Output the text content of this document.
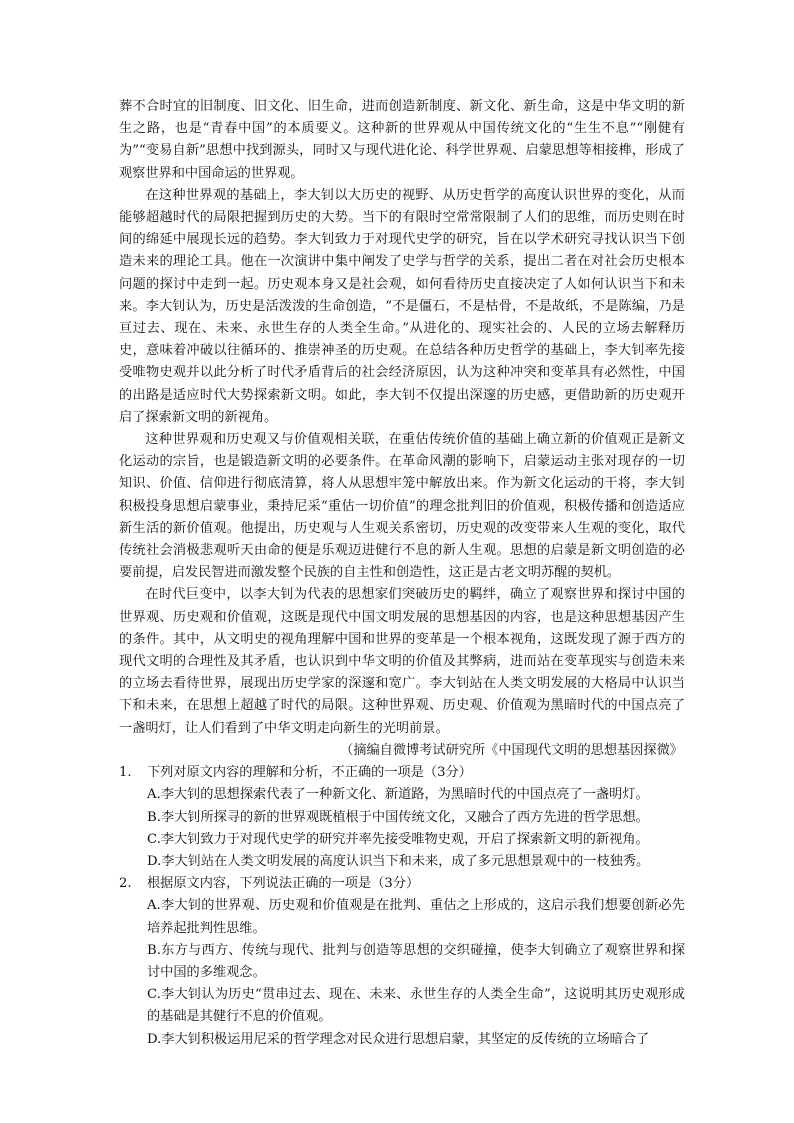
葬不合时宜的旧制度、旧文化、旧生命，进而创造新制度、新文化、新生命，这是中华文明的新生之路，也是“青春中国”的本质要义。这种新的世界观从中国传统文化的“生生不息”“刚健有为”“变易自新”思想中找到源头，同时又与现代进化论、科学世界观、启蒙思想等相接榫，形成了观察世界和中国命运的世界观。

在这种世界观的基础上，李大钊以大历史的视野、从历史哲学的高度认识世界的变化，从而能够超越时代的局限把握到历史的大势。当下的有限时空常常限制了人们的思维，而历史则在时间的绵延中展现长远的趋势。李大钊致力于对现代史学的研究，旨在以学术研究寻找认识当下创造未来的理论工具。他在一次演讲中集中阐发了史学与哲学的关系，提出二者在对社会历史根本问题的探讨中走到一起。历史观本身又是社会观，如何看待历史直接决定了人如何认识当下和未来。李大钊认为，历史是活泼泼的生命创造，“不是僵石，不是枯骨，不是故纸，不是陈编，乃是亘过去、现在、未来、永世生存的人类全生命。”从进化的、现实社会的、人民的立场去解释历史，意味着冲破以往循环的、推崇神圣的历史观。在总结各种历史哲学的基础上，李大钊率先接受唯物史观并以此分析了时代矛盾背后的社会经济原因，认为这种冲突和变革具有必然性，中国的出路是适应时代大势探索新文明。如此，李大钊不仅提出深邃的历史感，更借助新的历史观开启了探索新文明的新视角。

这种世界观和历史观又与价值观相关联，在重估传统价值的基础上确立新的价值观正是新文化运动的宗旨，也是锻造新文明的必要条件。在革命风潮的影响下，启蒙运动主张对现存的一切知识、价值、信仰进行彻底清算，将人从思想牢笼中解放出来。作为新文化运动的干将，李大钊积极投身思想启蒙事业，秉持尼采“重估一切价值”的理念批判旧的价值观，积极传播和创造适应新生活的新价值观。他提出，历史观与人生观关系密切，历史观的改变带来人生观的变化，取代传统社会消极悲观听天由命的便是乐观迈进健行不息的新人生观。思想的启蒙是新文明创造的必要前提，启发民智进而激发整个民族的自主性和创造性，这正是古老文明苏醒的契机。

在时代巨变中，以李大钊为代表的思想家们突破历史的羁绊，确立了观察世界和探讨中国的世界观、历史观和价值观，这既是现代中国文明发展的思想基因的内容，也是这种思想基因产生的条件。其中，从文明史的视角理解中国和世界的变革是一个根本视角，这既发现了源于西方的现代文明的合理性及其矛盾，也认识到中华文明的价值及其弊病，进而站在变革现实与创造未来的立场去看待世界，展现出历史学家的深邃和宽广。李大钊站在人类文明发展的大格局中认识当下和未来，在思想上超越了时代的局限。这种世界观、历史观、价值观为黑暗时代的中国点亮了一盏明灯，让人们看到了中华文明走向新生的光明前景。

（摘编自微博考试研究所《中国现代文明的思想基因探微》

1. 下列对原文内容的理解和分析，不正确的一项是（3分）

A.李大钊的思想探索代表了一种新文化、新道路，为黑暗时代的中国点亮了一盏明灯。

B.李大钊所探寻的新的世界观既植根于中国传统文化，又融合了西方先进的哲学思想。

C.李大钊致力于对现代史学的研究并率先接受唯物史观，开启了探索新文明的新视角。

D.李大钊站在人类文明发展的高度认识当下和未来，成了多元思想景观中的一枝独秀。

2. 根据原文内容，下列说法正确的一项是（3分）

A.李大钊的世界观、历史观和价值观是在批判、重估之上形成的，这启示我们想要创新必先培养起批判性思维。

B.东方与西方、传统与现代、批判与创造等思想的交织碰撞，使李大钊确立了观察世界和探讨中国的多维观念。

C.李大钊认为历史“贯串过去、现在、未来、永世生存的人类全生命”，这说明其历史观形成的基础是其健行不息的价值观。

D.李大钊积极运用尼采的哲学理念对民众进行思想启蒙，其坚定的反传统的立场暗合了
